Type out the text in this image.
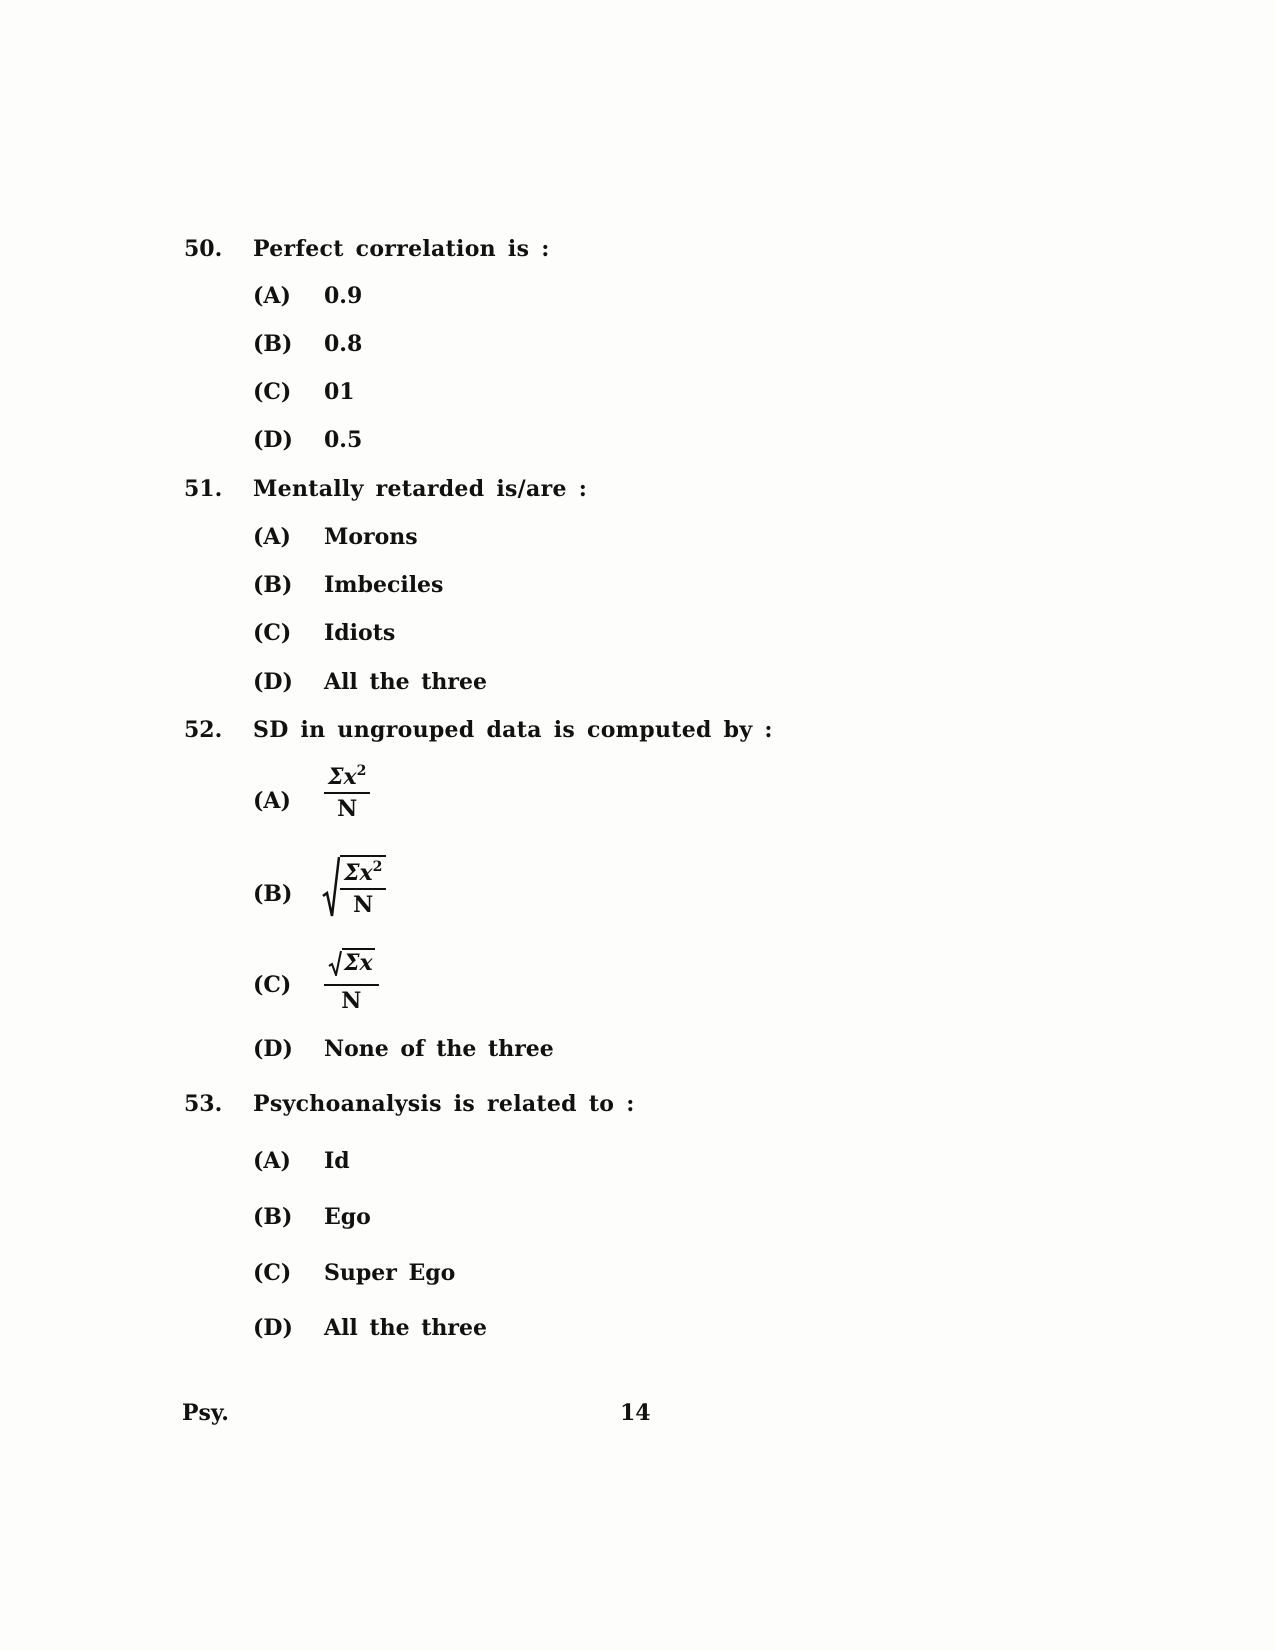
50. Perfect correlation is :
(A) 0.9
(B) 0.8
(C) 01
(D) 0.5
51. Mentally retarded is/are :
(A) Morons
(B) Imbeciles
(C) Idiots
(D) All the three
52. SD in ungrouped data is computed by :
$(A) \frac{\Sigma x^2}{N}$
$(B) \frac{\Sigma x^2}{N}$
$(C) \frac{\Sigma x}{N}$
(D) None of the three
53. Psychoanalysis is related to :
(A) Id
(B) Ego
(C) Super Ego
(D) All the three
Psy.	14
